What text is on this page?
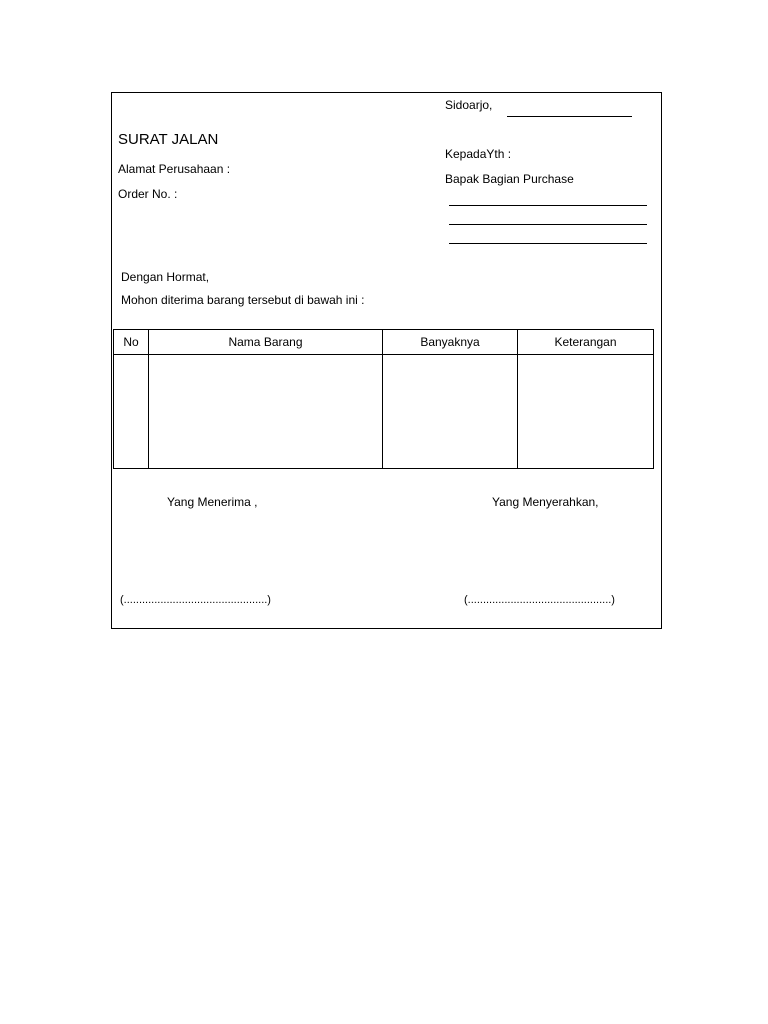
Sidoarjo,
SURAT JALAN
Alamat Perusahaan :
Order No. :
KepadaYth :
Bapak Bagian Purchase
Dengan Hormat,
Mohon diterima barang tersebut di bawah ini :
No	Nama Barang	Banyaknya	Keterangan

Yang Menerima ,	Yang Menyerahkan,
(...............................................)	(...............................................)
